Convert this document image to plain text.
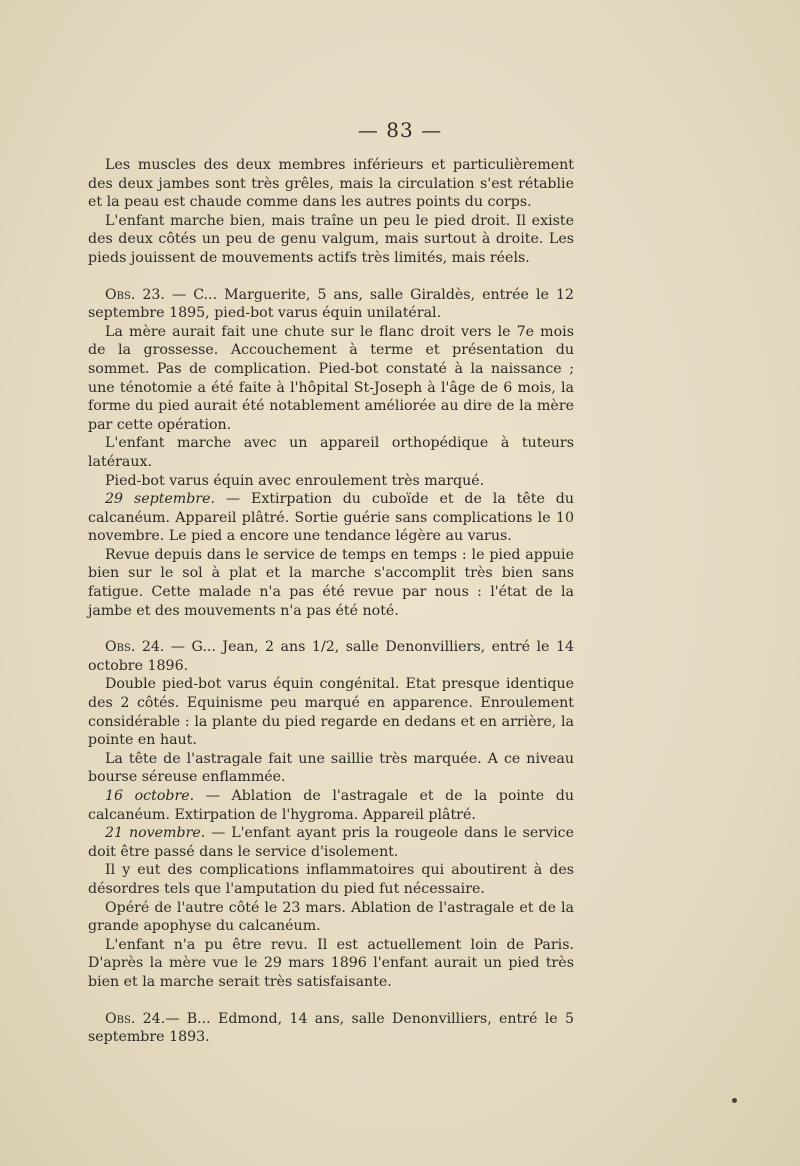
— 83 —

Les muscles des deux membres inférieurs et particulièrement des deux jambes sont très grêles, mais la circulation s'est rétablie et la peau est chaude comme dans les autres points du corps.

L'enfant marche bien, mais traîne un peu le pied droit. Il existe des deux côtés un peu de genu valgum, mais surtout à droite. Les pieds jouissent de mouvements actifs très limités, mais réels.

Obs. 23. — C... Marguerite, 5 ans, salle Giraldès, entrée le 12 septembre 1895, pied-bot varus équin unilatéral.

La mère aurait fait une chute sur le flanc droit vers le 7e mois de la grossesse. Accouchement à terme et présentation du sommet. Pas de complication. Pied-bot constaté à la naissance ; une ténotomie a été faite à l'hôpital St-Joseph à l'âge de 6 mois, la forme du pied aurait été notablement améliorée au dire de la mère par cette opération.

L'enfant marche avec un appareil orthopédique à tuteurs latéraux.

Pied-bot varus équin avec enroulement très marqué.

29 septembre. — Extirpation du cuboïde et de la tête du calcanéum. Appareil plâtré. Sortie guérie sans complications le 10 novembre. Le pied a encore une tendance légère au varus.

Revue depuis dans le service de temps en temps : le pied appuie bien sur le sol à plat et la marche s'accomplit très bien sans fatigue. Cette malade n'a pas été revue par nous : l'état de la jambe et des mouvements n'a pas été noté.

Obs. 24. — G... Jean, 2 ans 1/2, salle Denonvilliers, entré le 14 octobre 1896.

Double pied-bot varus équin congénital. Etat presque identique des 2 côtés. Equinisme peu marqué en apparence. Enroulement considérable : la plante du pied regarde en dedans et en arrière, la pointe en haut.

La tête de l'astragale fait une saillie très marquée. A ce niveau bourse séreuse enflammée.

16 octobre. — Ablation de l'astragale et de la pointe du calcanéum. Extirpation de l'hygroma. Appareil plâtré.

21 novembre. — L'enfant ayant pris la rougeole dans le service doit être passé dans le service d'isolement.

Il y eut des complications inflammatoires qui aboutirent à des désordres tels que l'amputation du pied fut nécessaire.

Opéré de l'autre côté le 23 mars. Ablation de l'astragale et de la grande apophyse du calcanéum.

L'enfant n'a pu être revu. Il est actuellement loin de Paris. D'après la mère vue le 29 mars 1896 l'enfant aurait un pied très bien et la marche serait très satisfaisante.

Obs. 24.— B... Edmond, 14 ans, salle Denonvilliers, entré le 5 septembre 1893.
